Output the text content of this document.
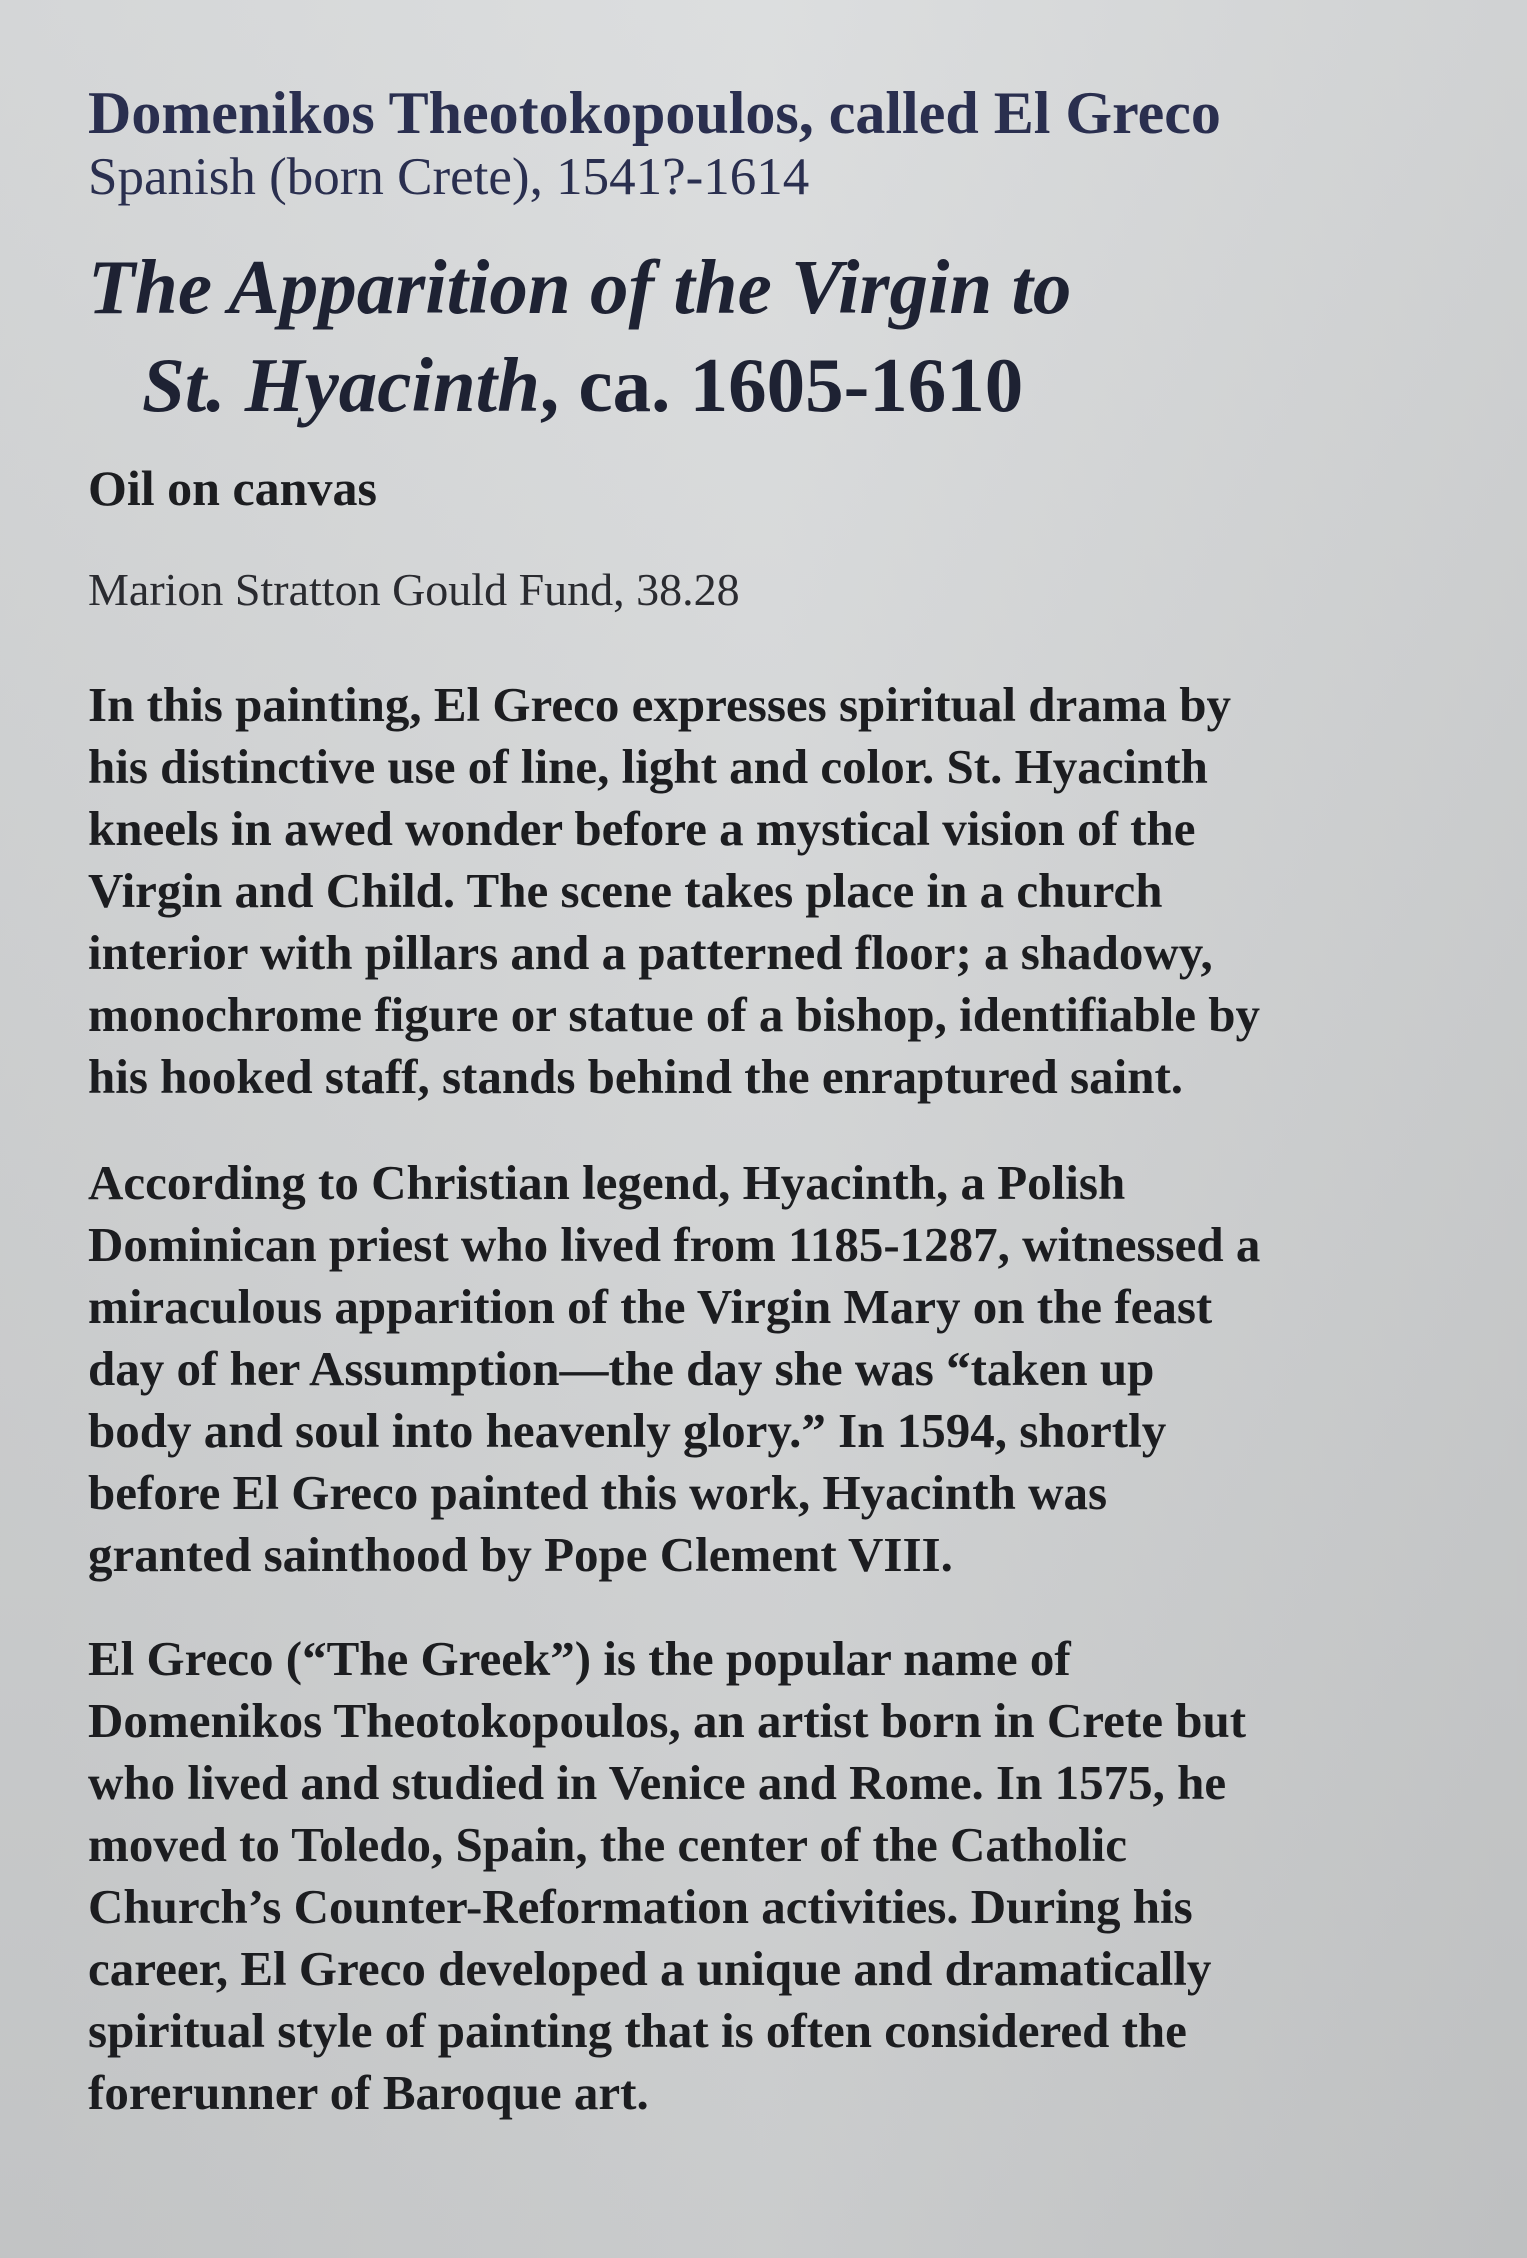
Domenikos Theotokopoulos, called El Greco

Spanish (born Crete), 1541?-1614

The Apparition of the Virgin to
St. Hyacinth, ca. 1605-1610

Oil on canvas

Marion Stratton Gould Fund, 38.28

In this painting, El Greco expresses spiritual drama by
his distinctive use of line, light and color. St. Hyacinth
kneels in awed wonder before a mystical vision of the
Virgin and Child. The scene takes place in a church
interior with pillars and a patterned floor; a shadowy,
monochrome figure or statue of a bishop, identifiable by
his hooked staff, stands behind the enraptured saint.

According to Christian legend, Hyacinth, a Polish
Dominican priest who lived from 1185-1287, witnessed a
miraculous apparition of the Virgin Mary on the feast
day of her Assumption—the day she was “taken up
body and soul into heavenly glory.” In 1594, shortly
before El Greco painted this work, Hyacinth was
granted sainthood by Pope Clement VIII.

El Greco (“The Greek”) is the popular name of
Domenikos Theotokopoulos, an artist born in Crete but
who lived and studied in Venice and Rome. In 1575, he
moved to Toledo, Spain, the center of the Catholic
Church’s Counter-Reformation activities. During his
career, El Greco developed a unique and dramatically
spiritual style of painting that is often considered the
forerunner of Baroque art.
